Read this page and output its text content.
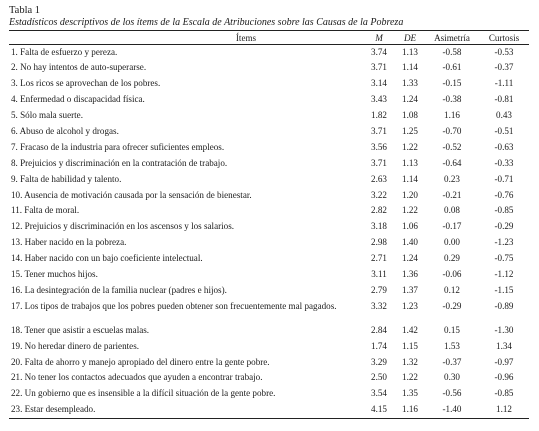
Tabla 1
Estadísticos descriptivos de los ítems de la Escala de Atribuciones sobre las Causas de la Pobreza
Ítems	M	DE	Asimetría	Curtosis
1. Falta de esfuerzo y pereza.	3.74	1.13	-0.58	-0.53
2. No hay intentos de auto-superarse.	3.71	1.14	-0.61	-0.37
3. Los ricos se aprovechan de los pobres.	3.14	1.33	-0.15	-1.11
4. Enfermedad o discapacidad física.	3.43	1.24	-0.38	-0.81
5. Sólo mala suerte.	1.82	1.08	1.16	0.43
6. Abuso de alcohol y drogas.	3.71	1.25	-0.70	-0.51
7. Fracaso de la industria para ofrecer suficientes empleos.	3.56	1.22	-0.52	-0.63
8. Prejuicios y discriminación en la contratación de trabajo.	3.71	1.13	-0.64	-0.33
9. Falta de habilidad y talento.	2.63	1.14	0.23	-0.71
10. Ausencia de motivación causada por la sensación de bienestar.	3.22	1.20	-0.21	-0.76
11. Falta de moral.	2.82	1.22	0.08	-0.85
12. Prejuicios y discriminación en los ascensos y los salarios.	3.18	1.06	-0.17	-0.29
13. Haber nacido en la pobreza.	2.98	1.40	0.00	-1.23
14. Haber nacido con un bajo coeficiente intelectual.	2.71	1.24	0.29	-0.75
15. Tener muchos hijos.	3.11	1.36	-0.06	-1.12
16. La desintegración de la familia nuclear (padres e hijos).	2.79	1.37	0.12	-1.15
17. Los tipos de trabajos que los pobres pueden obtener son frecuentemente mal pagados.	3.32	1.23	-0.29	-0.89
18. Tener que asistir a escuelas malas.	2.84	1.42	0.15	-1.30
19. No heredar dinero de parientes.	1.74	1.15	1.53	1.34
20. Falta de ahorro y manejo apropiado del dinero entre la gente pobre.	3.29	1.32	-0.37	-0.97
21. No tener los contactos adecuados que ayuden a encontrar trabajo.	2.50	1.22	0.30	-0.96
22. Un gobierno que es insensible a la difícil situación de la gente pobre.	3.54	1.35	-0.56	-0.85
23. Estar desempleado.	4.15	1.16	-1.40	1.12
